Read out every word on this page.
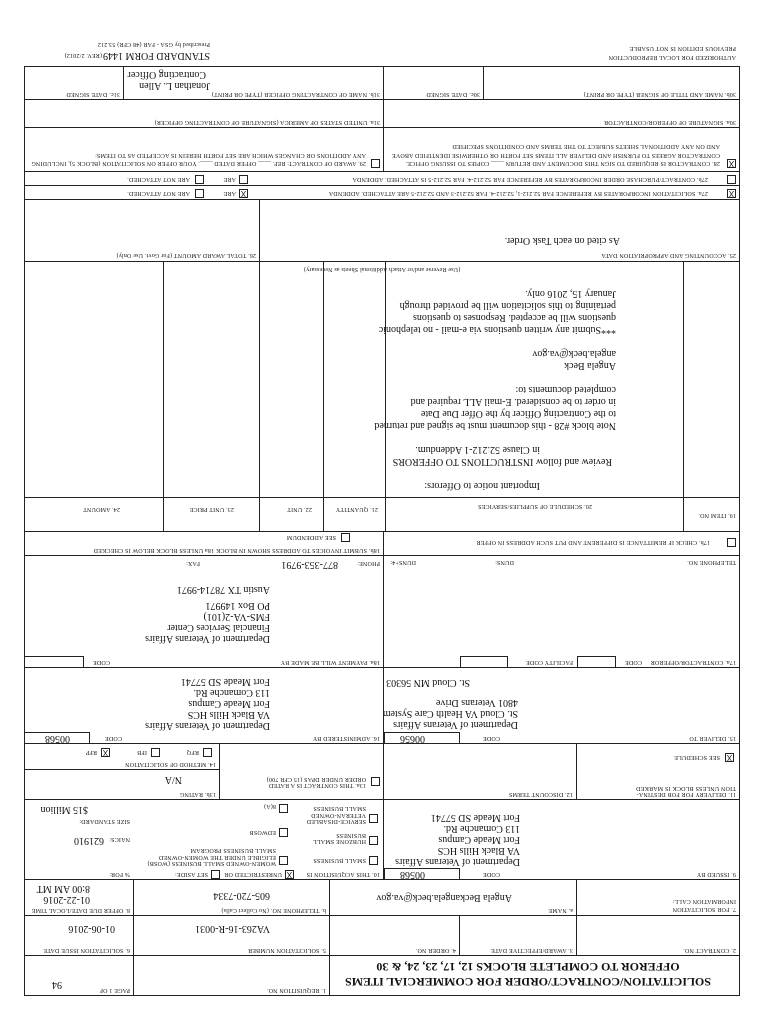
SOLICITATION/CONTRACT/ORDER FOR COMMERCIAL ITEMS
OFFEROR TO COMPLETE BLOCKS 12, 17, 23, 24, & 30
1. REQUISITION NO.
PAGE 1 OF
94
2. CONTRACT NO.
3. AWARD/EFFECTIVE DATE
4. ORDER NO.
5. SOLICITATION NUMBER
VA263-16-R-0031
6. SOLICITATION ISSUE DATE
01-06-2016
7. FOR SOLICITATION
INFORMATION CALL:
a. NAME
Angela Beck
angela.beck@va.gov
b. TELEPHONE NO. (No Collect Calls)
605-720-7334
8. OFFER DUE DATE/LOCAL TIME
01-22-2016
8:00 AM MT
9. ISSUED BY
CODE
00568
Department of Veterans Affairs
VA Black Hills HCS
Fort Meade Campus
113 Comanche Rd.
Fort Meade SD 57741
10. THIS ACQUISITION IS
X
UNRESTRICTED OR
SET ASIDE:
% FOR:
SMALL BUSINESS
HUBZONE SMALL BUSINESS
SERVICE-DISABLED VETERAN-OWNED SMALL BUSINESS
WOMEN-OWNED SMALL BUSINESS (WOSB) ELIGIBLE UNDER THE WOMEN-OWNED SMALL BUSINESS PROGRAM
EDWOSB
8(A)
NAICS:
621910
SIZE STANDARD:
$15 Million
11. DELIVERY FOR FOB DESTINA- TION UNLESS BLOCK IS MARKED
X
SEE SCHEDULE
12. DISCOUNT TERMS
13a. THIS CONTRACT IS A RATED ORDER UNDER DPAS (15 CFR 700)
13b. RATING
N/A
14. METHOD OF SOLICITATION
RFQ
IFB
X
RFP
15. DELIVER TO
CODE
00656
Department of Veterans Affairs
St. Cloud VA Health Care System
4801 Veterans Drive
St. Cloud MN 56303
16. ADMINISTERED BY
CODE
00568
Department of Veterans Affairs
VA Black Hills HCS
Fort Meade Campus
113 Comanche Rd.
Fort Meade SD 57741
17a. CONTRACTOR/OFFEROR
CODE
FACILITY CODE
TELEPHONE NO.
DUNS:
DUNS+4:
17b. CHECK IF REMITTANCE IS DIFFERENT AND PUT SUCH ADDRESS IN OFFER
18a. PAYMENT WILL BE MADE BY
CODE
Department of Veterans Affairs
Financial Services Center
FMS-VA-2(101)
PO Box 149971
Austin TX 78714-9971
PHONE:
877-353-9791
FAX:
18b. SUBMIT INVOICES TO ADDRESS SHOWN IN BLOCK 18a UNLESS BLOCK BELOW IS CHECKED
SEE ADDENDUM
19. ITEM NO.
20. SCHEDULE OF SUPPLIES/SERVICES
21. QUANTITY
22. UNIT
23. UNIT PRICE
24. AMOUNT
Important notice to Offerors:
Review and follow INSTRUCTIONS TO OFFERORS
in Clause 52.212-1 Addendum.
Note block #28 - this document must be signed and returned
to the Contracting Officer by the Offer Due Date
in order to be considered. E-mail ALL required and
completed documents to:
Angela Beck
angela.beck@va.gov
***Submit any written questions via e-mail - no telephonic
questions will be accepted. Responses to questions
pertaining to this solicitation will be provided through
January 15, 2016 only.
(Use Reverse and/or Attach Additional Sheets as Necessary)
25. ACCOUNTING AND APPROPRIATION DATA
As cited on each Task Order.
26. TOTAL AWARD AMOUNT (For Govt. Use Only)
X
27a. SOLICITATION INCORPORATES BY REFERENCE FAR 52.212-1, 52.212-4. FAR 52.212-3 AND 52.212-5 ARE ATTACHED. ADDENDA
X
ARE
ARE NOT ATTACHED.
27b. CONTRACT/PURCHASE ORDER INCORPORATES BY REFERENCE FAR 52.212-4. FAR 52.212-5 IS ATTACHED. ADDENDA
ARE
ARE NOT ATTACHED.
X
28. CONTRACTOR IS REQUIRED TO SIGN THIS DOCUMENT AND RETURN ____ COPIES TO ISSUING OFFICE. CONTRACTOR AGREES TO FURNISH AND DELIVER ALL ITEMS SET FORTH OR OTHERWISE IDENTIFIED ABOVE AND ON ANY ADDITIONAL SHEETS SUBJECT TO THE TERMS AND CONDITIONS SPECIFIED
29. AWARD OF CONTRACT: REF. ____ OFFER DATED ____. YOUR OFFER ON SOLICITATION (BLOCK 5), INCLUDING ANY ADDITIONS OR CHANGES WHICH ARE SET FORTH HEREIN IS ACCEPTED AS TO ITEMS:
30a. SIGNATURE OF OFFEROR/CONTRACTOR
31a. UNITED STATES OF AMERICA (SIGNATURE OF CONTRACTING OFFICER)
30b. NAME AND TITLE OF SIGNER (TYPE OR PRINT)
30c. DATE SIGNED
31b. NAME OF CONTRACTING OFFICER (TYPE OR PRINT)
Jonathan L. Allen
Contracting Officer
31c. DATE SIGNED
AUTHORIZED FOR LOCAL REPRODUCTION
PREVIOUS EDITION IS NOT USABLE
STANDARD FORM 1449
(REV. 2/2012)
Prescribed by GSA - FAR (48 CFR) 53.212
